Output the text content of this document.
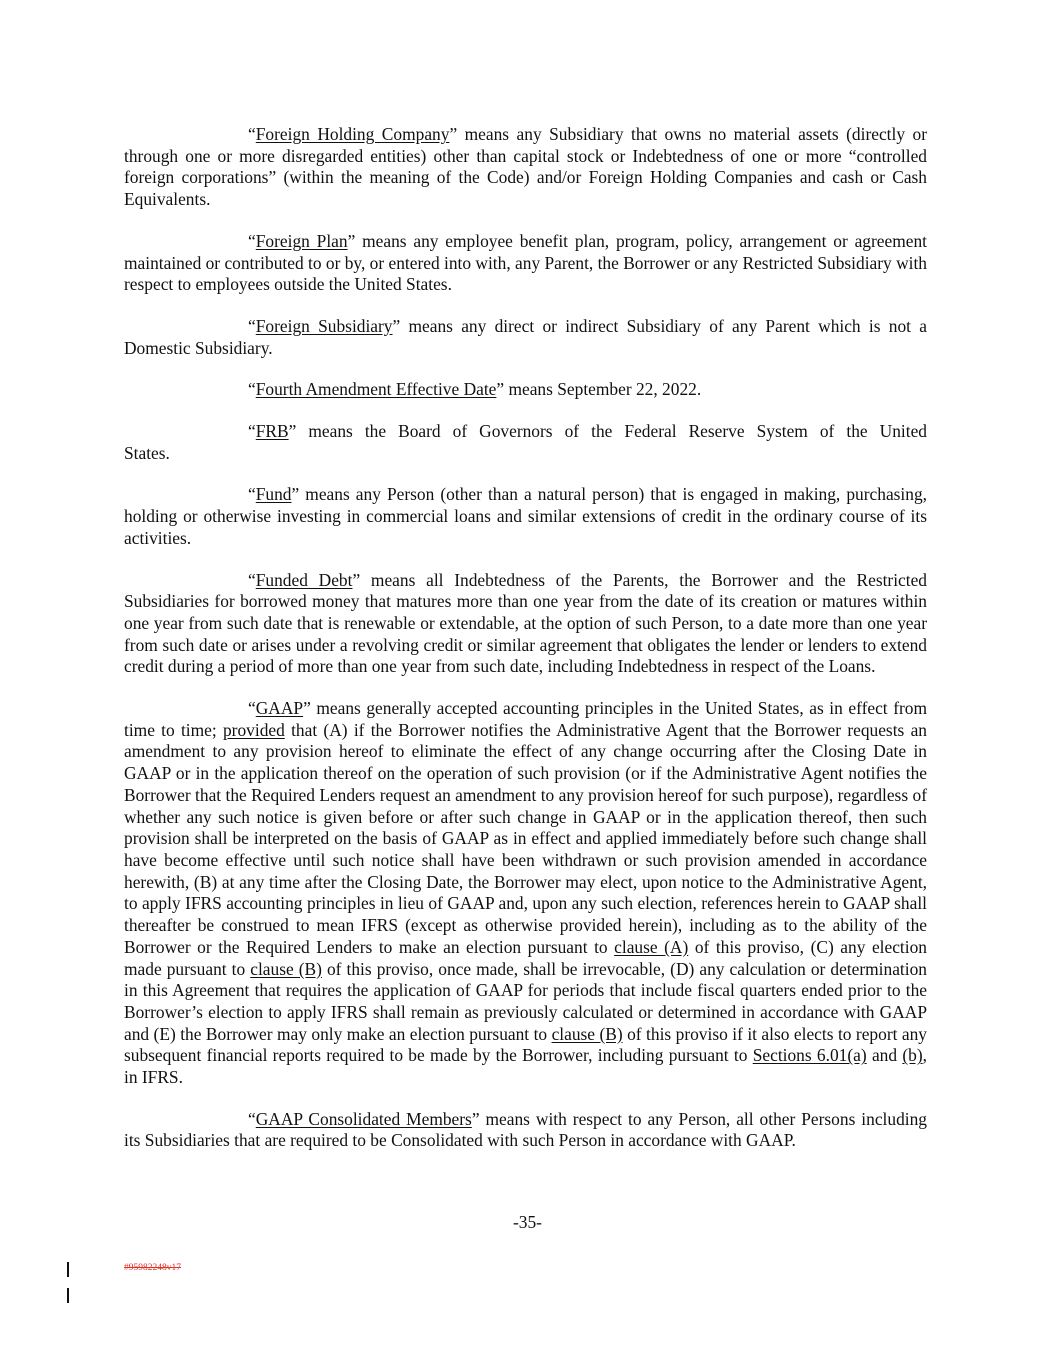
“Foreign Holding Company” means any Subsidiary that owns no material assets (directly or through one or more disregarded entities) other than capital stock or Indebtedness of one or more “controlled foreign corporations” (within the meaning of the Code) and/or Foreign Holding Companies and cash or Cash Equivalents.

“Foreign Plan” means any employee benefit plan, program, policy, arrangement or agreement maintained or contributed to or by, or entered into with, any Parent, the Borrower or any Restricted Subsidiary with respect to employees outside the United States.

“Foreign Subsidiary” means any direct or indirect Subsidiary of any Parent which is not a Domestic Subsidiary.

“Fourth Amendment Effective Date” means September 22, 2022.

“FRB” means the Board of Governors of the Federal Reserve System of the United
States.

“Fund” means any Person (other than a natural person) that is engaged in making, purchasing, holding or otherwise investing in commercial loans and similar extensions of credit in the ordinary course of its activities.

“Funded Debt” means all Indebtedness of the Parents, the Borrower and the Restricted Subsidiaries for borrowed money that matures more than one year from the date of its creation or matures within one year from such date that is renewable or extendable, at the option of such Person, to a date more than one year from such date or arises under a revolving credit or similar agreement that obligates the lender or lenders to extend credit during a period of more than one year from such date, including Indebtedness in respect of the Loans.

“GAAP” means generally accepted accounting principles in the United States, as in effect from time to time; provided that (A) if the Borrower notifies the Administrative Agent that the Borrower requests an amendment to any provision hereof to eliminate the effect of any change occurring after the Closing Date in GAAP or in the application thereof on the operation of such provision (or if the Administrative Agent notifies the Borrower that the Required Lenders request an amendment to any provision hereof for such purpose), regardless of whether any such notice is given before or after such change in GAAP or in the application thereof, then such provision shall be interpreted on the basis of GAAP as in effect and applied immediately before such change shall have become effective until such notice shall have been withdrawn or such provision amended in accordance herewith, (B) at any time after the Closing Date, the Borrower may elect, upon notice to the Administrative Agent, to apply IFRS accounting principles in lieu of GAAP and, upon any such election, references herein to GAAP shall thereafter be construed to mean IFRS (except as otherwise provided herein), including as to the ability of the Borrower or the Required Lenders to make an election pursuant to clause (A) of this proviso, (C) any election made pursuant to clause (B) of this proviso, once made, shall be irrevocable, (D) any calculation or determination in this Agreement that requires the application of GAAP for periods that include fiscal quarters ended prior to the Borrower’s election to apply IFRS shall remain as previously calculated or determined in accordance with GAAP and (E) the Borrower may only make an election pursuant to clause (B) of this proviso if it also elects to report any subsequent financial reports required to be made by the Borrower, including pursuant to Sections 6.01(a) and (b), in IFRS.

“GAAP Consolidated Members” means with respect to any Person, all other Persons including its Subsidiaries that are required to be Consolidated with such Person in accordance with GAAP.

-35-
#95982248v17
